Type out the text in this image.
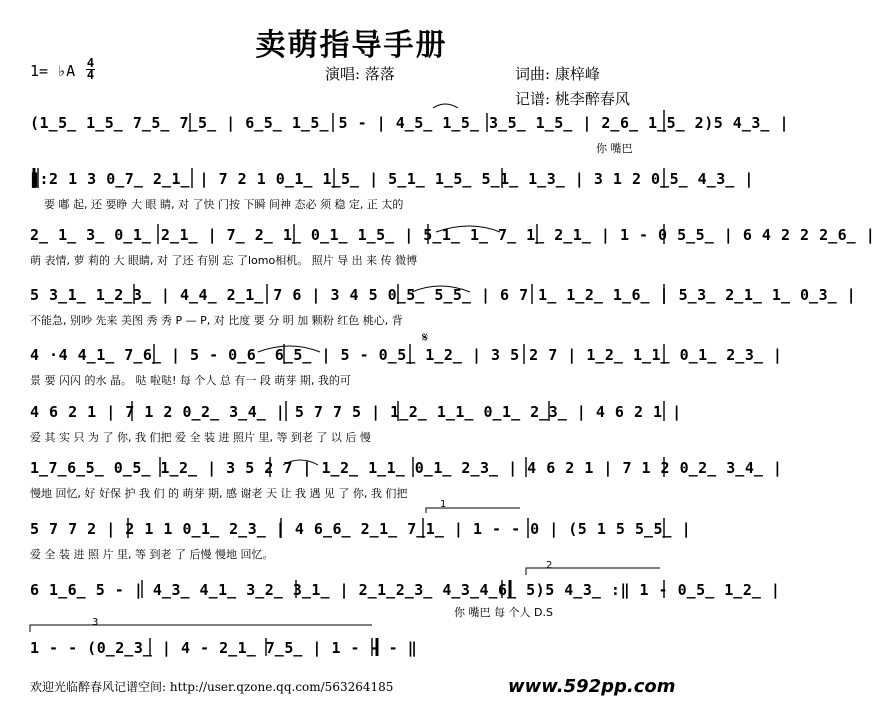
卖萌指导手册
1= ♭A 4
4	演唱: 落落	词曲: 康梓峰
记谱: 桃李醉春风
(1̲5̲ 1̲5̲ 7̲5̲ 7̲5̲ | 6̲5̲ 1̲5̲ 5 - | 4̲5̲ 1̲5̲ 3̲5̲ 1̲5̲ | 2̲6̲ 1̲5̲ 2)5 4̲3̲ |
你 嘴巴
‖:2 1 3 0̲7̲ 2̲1̲ | 7 2 1 0̲1̲ 1̲5̲ | 5̲1̲ 1̲5̲ 5̲1̲ 1̲3̲ | 3 1 2 0̲5̲ 4̲3̲ |
要 嘟 起, 还 要睁 大 眼 睛, 对 了快 门按 下瞬 间神 态必 须 稳 定, 正 太的
2̲ 1̲ 3̲ 0̲1̲ 2̲1̲ | 7̲ 2̲ 1̲ 0̲1̲ 1̲5̲ | 5̲1̲ 1̲ 7̲ 1̲ 2̲1̲ | 1 - 0 5̲5̲ | 6 4 2 2 2̲6̲ |
萌 表情, 萝 莉的 大 眼睛, 对 了还 有别 忘 了lomo相机。 照片 导 出 来 传 微博
5 3̲1̲ 1̲2̲3̲ | 4̲4̲ 2̲1̲ 7 6 | 3 4 5 0̲5̲ 5̲5̲ | 6 7 1̲ 1̲2̲ 1̲6̲ | 5̲3̲ 2̲1̲ 1̲ 0̲3̲ |
不能急, 别吵 先来 美图 秀 秀 P — P, 对 比度 要 分 明 加 颗粉 红色 桃心, 背
4 ·4 4̲1̲ 7̲6̲ | 5 - 0̲6̲ 6̲5̲ | 5 - 0̲5̲ 1̲2̲ | 3 5 2 7 | 1̲2̲ 1̲1̲ 0̲1̲ 2̲3̲ |
景 要 闪闪 的水 晶。 哒 啦哒! 每 个人 总 有一 段 萌芽 期, 我的可
4 6 2 1 | 7 1 2 0̲2̲ 3̲4̲ | 5 7 7 5 | 1̲2̲ 1̲1̲ 0̲1̲ 2̲3̲ | 4 6 2 1 |
爱 其 实 只 为 了 你, 我 们把 爱 全 装 进 照片 里, 等 到老 了 以 后 慢
1̲7̲6̲5̲ 0̲5̲ 1̲2̲ | 3 5 2 7 | 1̲2̲ 1̲1̲ 0̲1̲ 2̲3̲ | 4 6 2 1 | 7 1 2 0̲2̲ 3̲4̲ |
慢地 回忆, 好 好保 护 我 们 的 萌芽 期, 感 谢老 天 让 我 遇 见 了 你, 我 们把
5 7 7 2 | 2 1 1 0̲1̲ 2̲3̲ | 4 6̲6̲ 2̲1̲ 7̲1̲ | 1 - - 0 | (5 1 5 5̲5̲ |
爱 全 装 进 照 片 里, 等 到老 了 后慢 慢地 回忆。
6 1̲6̲ 5 - | 4̲3̲ 4̲1̲ 3̲2̲ 3̲1̲ | 2̲1̲2̲3̲ 4̲3̲4̲6̲ 5)5 4̲3̲ :‖ 1 - 0̲5̲ 1̲2̲ |
你 嘴巴 每 个人 D.S
1 - - (0̲2̲3̲ | 4 - 2̲1̲ 7̲5̲ | 1 - - - ‖
1
2
3
𝄋
欢迎光临醉春风记谱空间: http://user.qzone.qq.com/563264185	www.592pp.com
